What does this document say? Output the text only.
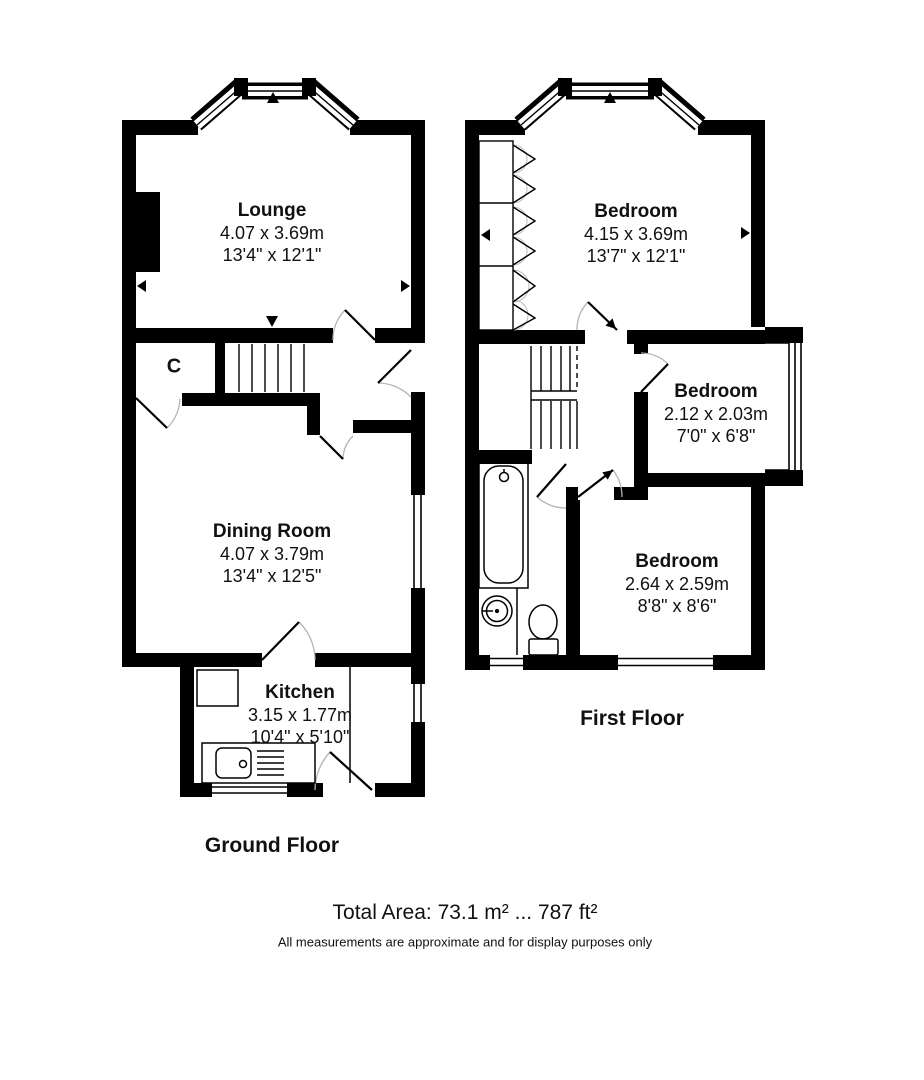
Lounge
4.07 x 3.69m
13'4" x 12'1"
Bedroom
4.15 x 3.69m
13'7" x 12'1"
Bedroom
2.12 x 2.03m
7'0" x 6'8"
Dining Room
4.07 x 3.79m
13'4" x 12'5"
Bedroom
2.64 x 2.59m
8'8" x 8'6"
Kitchen
3.15 x 1.77m
10'4" x 5'10"
C
Ground Floor
First Floor
Total Area: 73.1 m² ... 787 ft²
All measurements are approximate and for display purposes only
